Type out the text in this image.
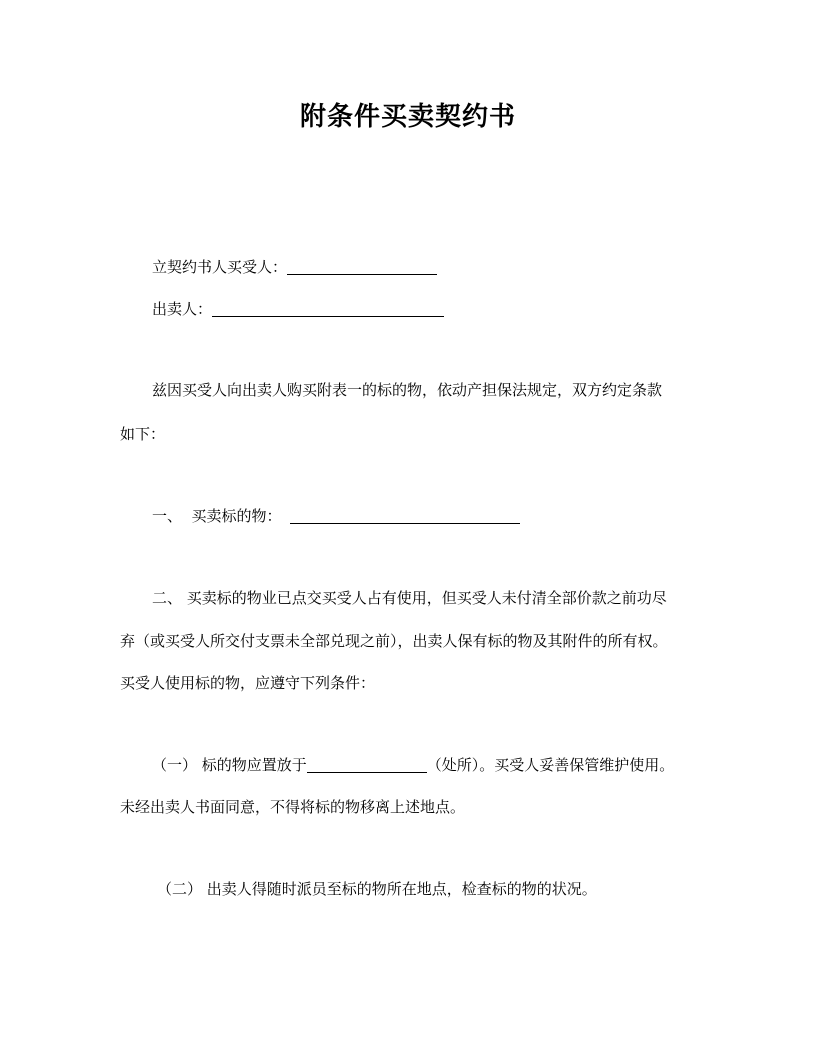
附条件买卖契约书
立契约书人买受人：
出卖人：
兹因买受人向出卖人购买附表一的标的物，依动产担保法规定，双方约定条款
如下：
一、  买卖标的物：
二、 买卖标的物业已点交买受人占有使用，但买受人未付清全部价款之前功尽
弃（或买受人所交付支票未全部兑现之前），出卖人保有标的物及其附件的所有权。
买受人使用标的物，应遵守下列条件：
（一） 标的物应置放于	（处所）。买受人妥善保管维护使用。
未经出卖人书面同意，不得将标的物移离上述地点。
（二） 出卖人得随时派员至标的物所在地点，检查标的物的状况。
